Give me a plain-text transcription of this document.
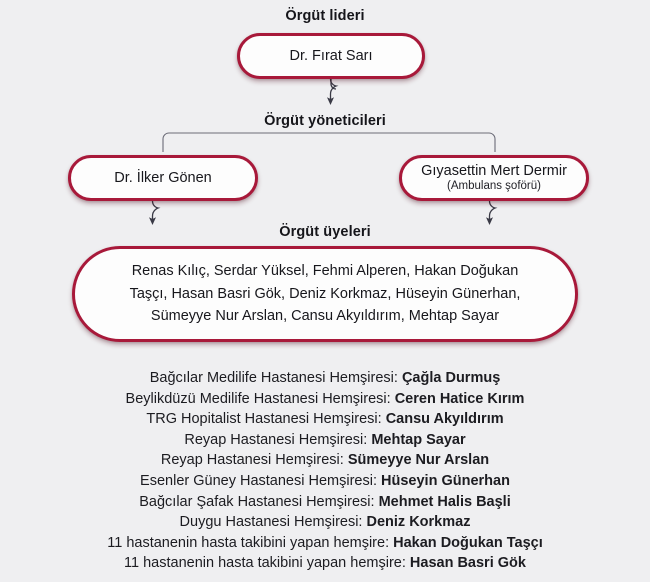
Örgüt lideri
Dr. Fırat Sarı
Örgüt yöneticileri
Dr. İlker Gönen	Gıyasettin Mert Dermir
(Ambulans şoförü)
Örgüt üyeleri
Renas Kılıç, Serdar Yüksel, Fehmi Alperen, Hakan Doğukan Taşçı, Hasan Basri Gök, Deniz Korkmaz, Hüseyin Günerhan, Sümeyye Nur Arslan, Cansu Akyıldırım, Mehtap Sayar
Bağcılar Medilife Hastanesi Hemşiresi: Çağla Durmuş
Beylikdüzü Medilife Hastanesi Hemşiresi: Ceren Hatice Kırım
TRG Hopitalist Hastanesi Hemşiresi: Cansu Akyıldırım
Reyap Hastanesi Hemşiresi: Mehtap Sayar
Reyap Hastanesi Hemşiresi: Sümeyye Nur Arslan
Esenler Güney Hastanesi Hemşiresi: Hüseyin Günerhan
Bağcılar Şafak Hastanesi Hemşiresi: Mehmet Halis Başli
Duygu Hastanesi Hemşiresi: Deniz Korkmaz
11 hastanenin hasta takibini yapan hemşire: Hakan Doğukan Taşçı
11 hastanenin hasta takibini yapan hemşire: Hasan Basri Gök
